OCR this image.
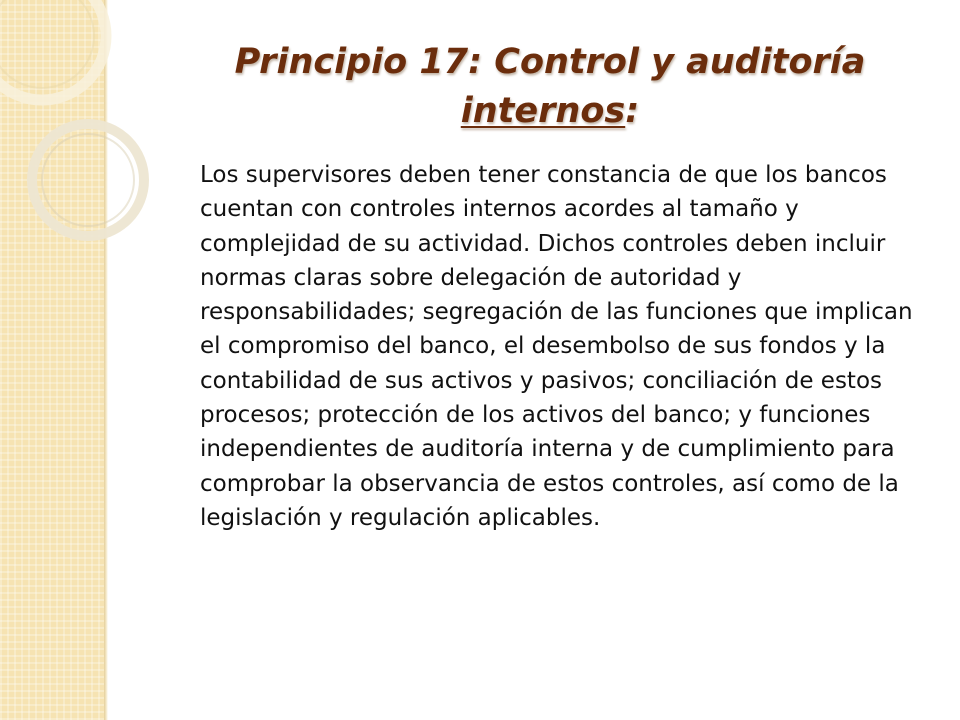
Principio 17: Control y auditoría
internos:

Los supervisores deben tener constancia de que los bancos cuentan con controles internos acordes al tamaño y complejidad de su actividad. Dichos controles deben incluir normas claras sobre delegación de autoridad y responsabilidades; segregación de las funciones que implican el compromiso del banco, el desembolso de sus fondos y la contabilidad de sus activos y pasivos; conciliación de estos procesos; protección de los activos del banco; y funciones independientes de auditoría interna y de cumplimiento para comprobar la observancia de estos controles, así como de la legislación y regulación aplicables.
